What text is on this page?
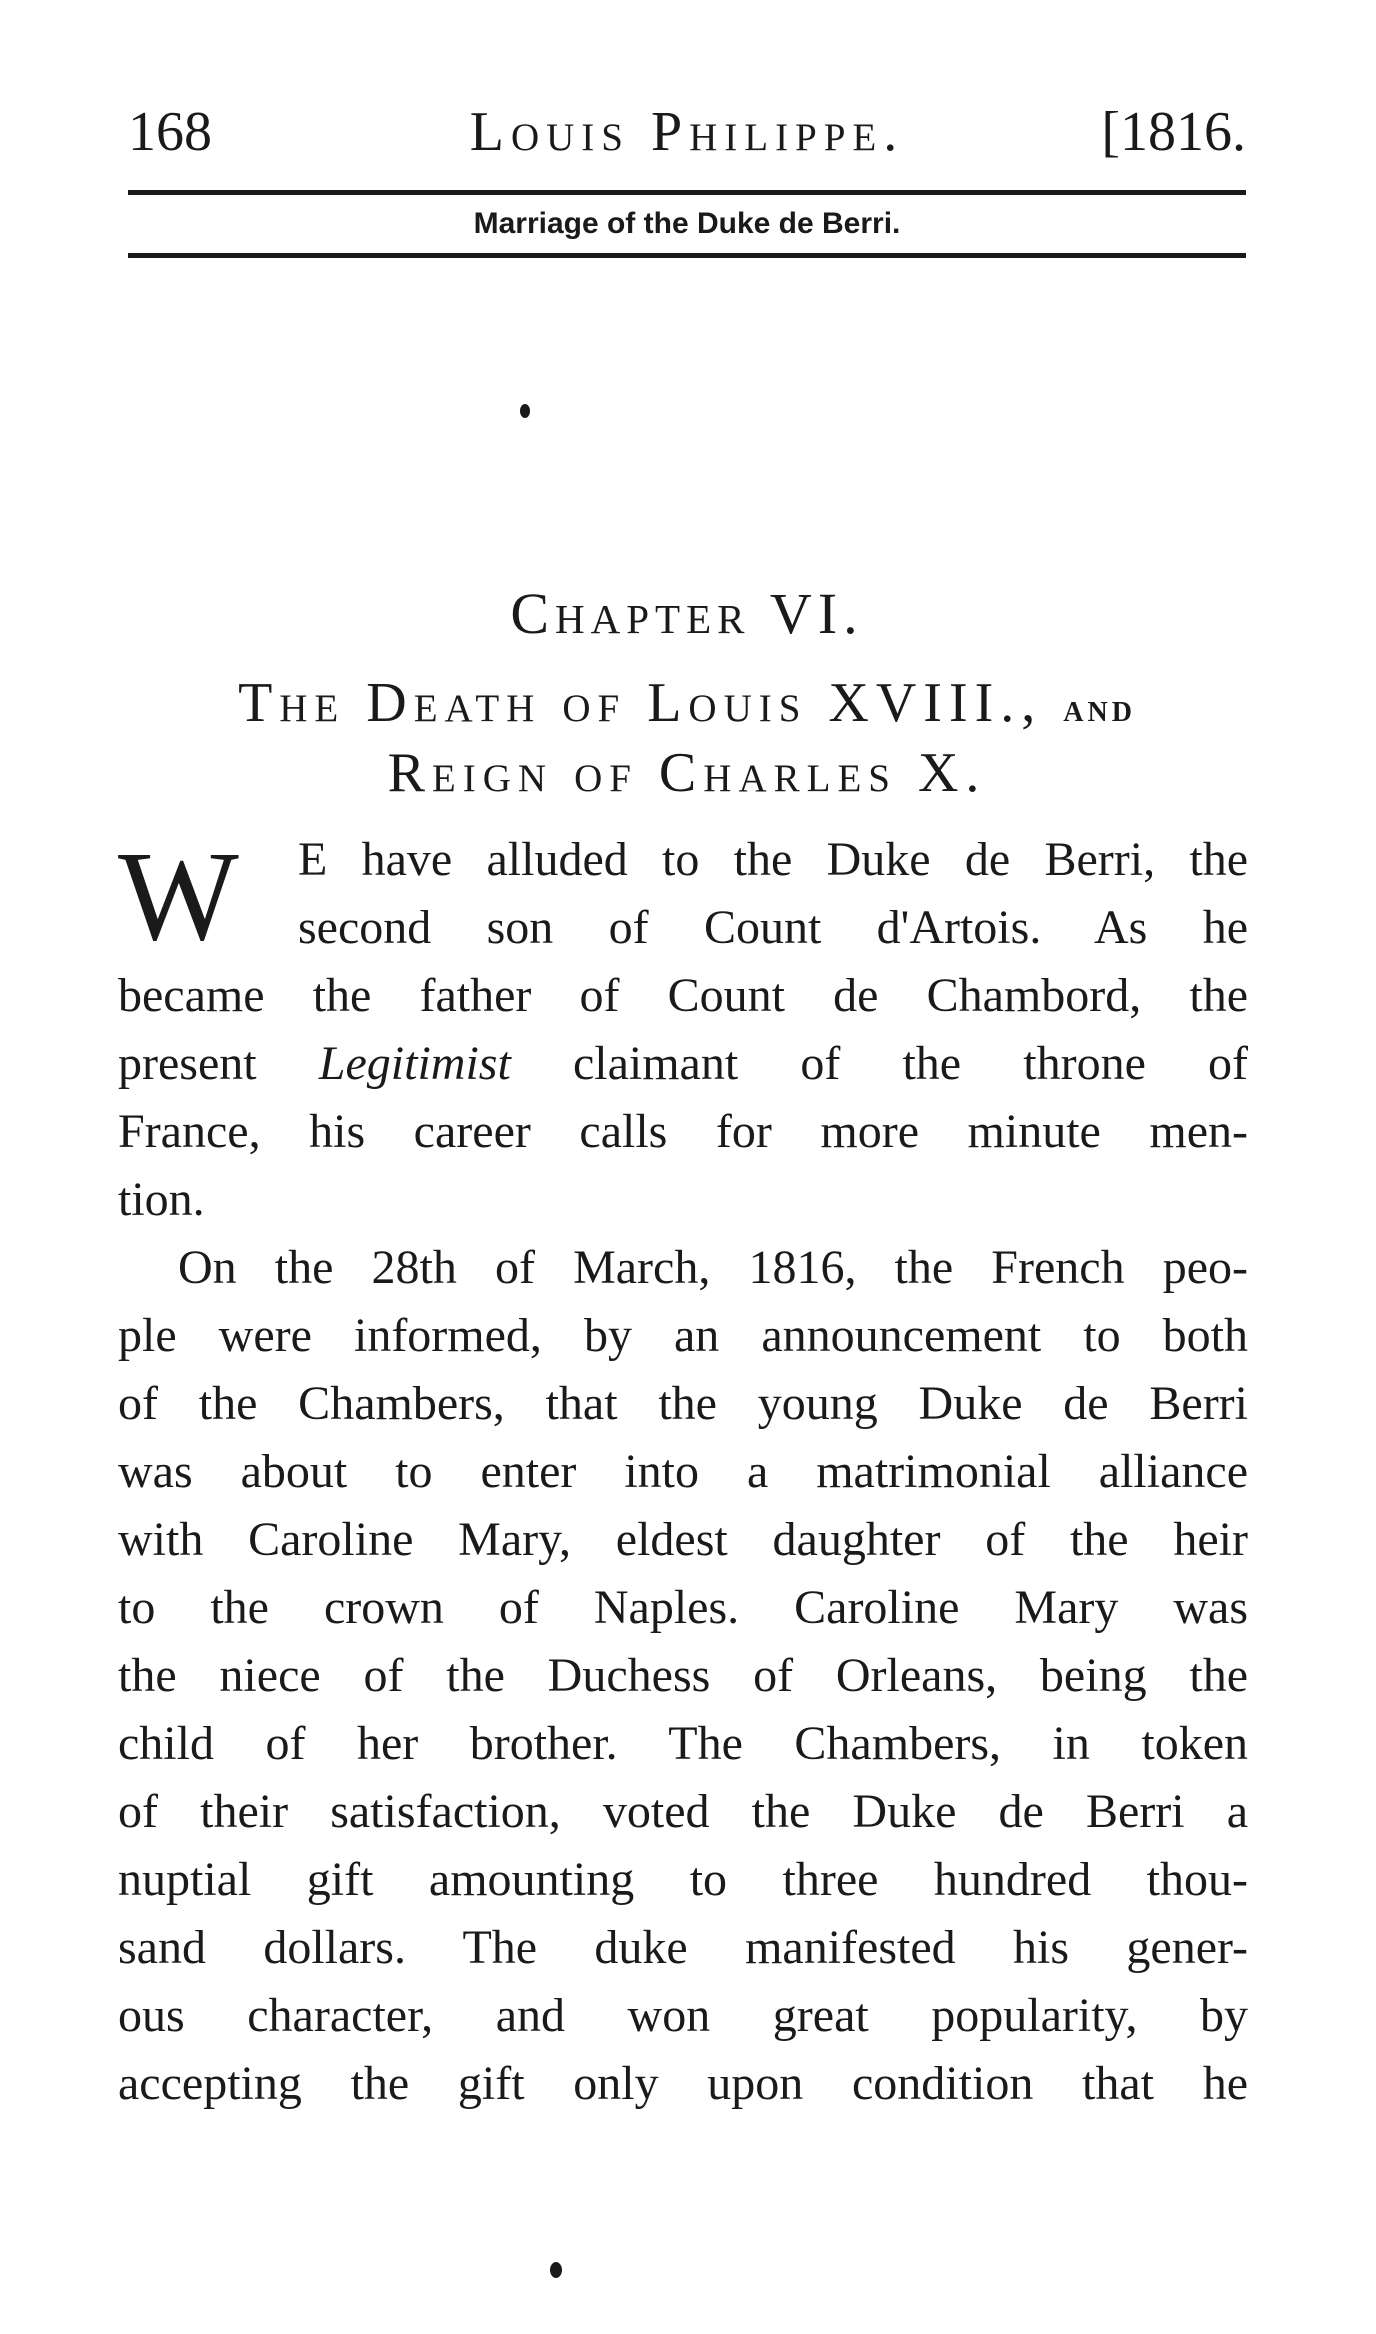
168	Louis Philippe.	[1816.
Marriage of the Duke de Berri.
Chapter VI.
The Death of Louis XVIII., and
Reign of Charles X.
W	E have alluded to the Duke de Berri, the
second son of Count d'Artois. As he
became the father of Count de Chambord, the
present Legitimist claimant of the throne of
France, his career calls for more minute men-
tion.
On the 28th of March, 1816, the French peo-
ple were informed, by an announcement to both
of the Chambers, that the young Duke de Berri
was about to enter into a matrimonial alliance
with Caroline Mary, eldest daughter of the heir
to the crown of Naples. Caroline Mary was
the niece of the Duchess of Orleans, being the
child of her brother. The Chambers, in token
of their satisfaction, voted the Duke de Berri a
nuptial gift amounting to three hundred thou-
sand dollars. The duke manifested his gener-
ous character, and won great popularity, by
accepting the gift only upon condition that he
